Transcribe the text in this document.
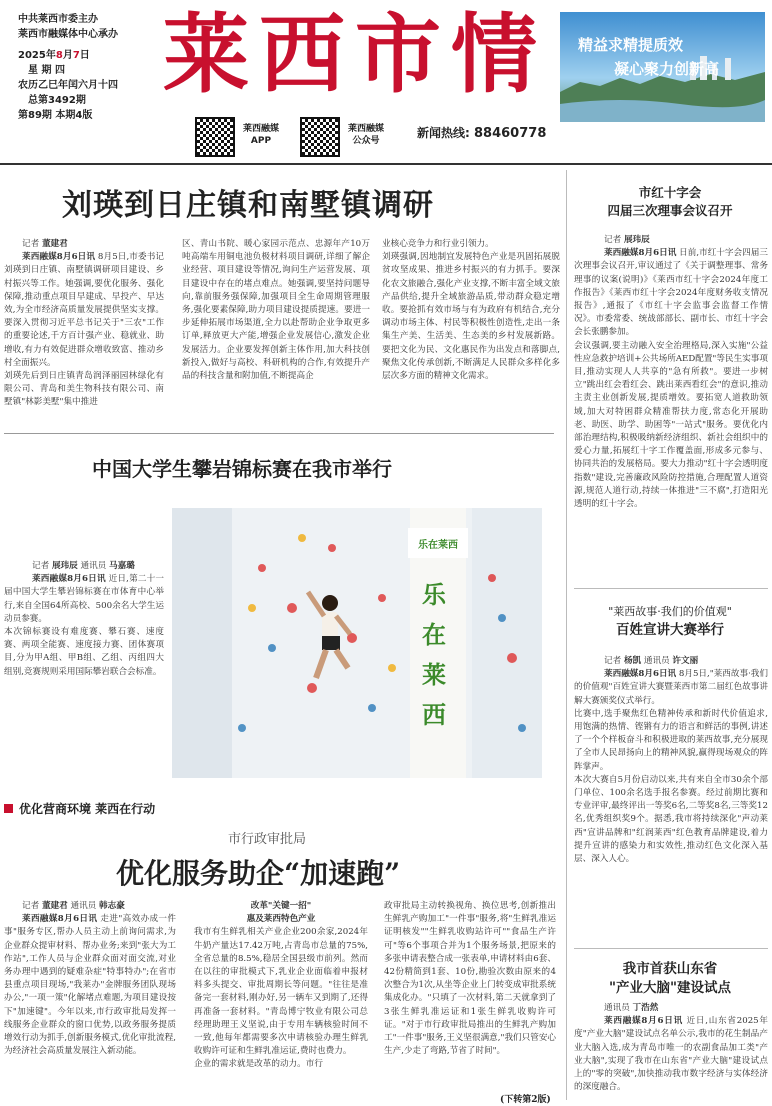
中共莱西市委主办
莱西市融媒体中心承办
2025年8月7日
星 期 四
农历乙巳年闰六月十四
总第3492期
第89期 本期4版
莱西市情
莱西融媒
APP
莱西融媒
公众号
新闻热线: 88460778
精益求精提质效
凝心聚力创新高
刘瑛到日庄镇和南墅镇调研
记者 董建君
莱西融媒8月6日讯 8月5日,市委书记刘瑛到日庄镇、南墅镇调研项目建设、乡村振兴等工作。她强调,要优化服务、强化保障,推动重点项目早建成、早投产、早达效,为全市经济高质量发展提供坚实支撑。要深入贯彻习近平总书记关于"三农"工作的重要论述,千方百计强产业、稳就业、助增收,有力有效促进群众增收致富、推动乡村全面振兴。
刘瑛先后到日庄镇青岛润泽丽园林绿化有限公司、青岛和美生物科技有限公司、南墅镇"林影美墅"集中推进
区、青山书院、暖心家园示范点、忠源年产10万吨高端车用铜电池负极材料项目调研,详细了解企业经营、项目建设等情况,询问生产运营发展、项目建设中存在的堵点难点。她强调,要坚持问题导向,靠前服务强保障,加强项目全生命周期管理服务,强化要素保障,助力项目建设提质提速。要进一步延伸拓展市场渠道,全力以赴帮助企业争取更多订单,释放更大产能,增强企业发展信心,激发企业发展活力。企业要发挥创新主体作用,加大科技创新投入,做好与高校、科研机构的合作,有效提升产品的科技含量和附加值,不断提高企
业核心竞争力和行业引领力。
刘瑛强调,因地制宜发展特色产业是巩固拓展脱贫攻坚成果、推进乡村振兴的有力抓手。要深化农文旅融合,强化产业支撑,不断丰富全域文旅产品供给,提升全域旅游品质,带动群众稳定增收。要抢抓有效市场与有为政府有机结合,充分调动市场主体、村民等积极性创造性,走出一条集生产美、生活美、生态美的乡村发展新路。要把文化为民、文化惠民作为出发点和落脚点,聚焦文化传承创新,不断满足人民群众多样化多层次多方面的精神文化需求。
中国大学生攀岩锦标赛在我市举行
乐在莱西
乐
在
莱
西
记者 展玮辰 通讯员 马嘉璐
莱西融媒8月6日讯 近日,第二十一届中国大学生攀岩锦标赛在市体育中心举行,来自全国64所高校、500余名大学生运动员参赛。
本次锦标赛设有难度赛、攀石赛、速度赛、两项全能赛、速度接力赛、团体赛项目,分为甲A组、甲B组、乙组、丙组四大组别,竞赛规则采用国际攀岩联合会标准。
优化营商环境 莱西在行动
市行政审批局
优化服务助企“加速跑”
记者 董建君 通讯员 韩志豪
莱西融媒8月6日讯 走进"高效办成一件事"服务专区,帮办人员主动上前询问需求,为企业群众提审材料、帮办业务;来到"张大为工作站",工作人员与企业群众面对面交流,对业务办理中遇到的疑难杂症"特事特办";在省市县重点项目现场,"我莱办"金牌服务团队现场办公,"一项一策"化解堵点难题,为项目建设按下"加速键"。今年以来,市行政审批局发挥一线服务企业群众的窗口优势,以政务服务提质增效行动为抓手,创新服务模式,优化审批流程,为经济社会高质量发展注入新动能。
改革"关键一招"
惠及莱西特色产业
我市有生鲜乳相关产业企业200余家,2024年牛奶产量达17.42万吨,占青岛市总量的75%,全省总量的8.5%,稳居全国县级市前列。然而在以往的审批模式下,乳业企业面临着申报材料多头提交、审批周期长等问题。"往往是准备完一套材料,刚办好,另一辆车又到期了,还得再准备一套材料。"青岛博宁牧业有限公司总经理助理王义坚说,由于专用车辆核验时间不一致,他每年都需要多次申请核验办理生鲜乳收购许可证和生鲜乳准运证,费时也费力。
企业的需求就是改革的动力。市行
政审批局主动转换视角、换位思考,创新推出生鲜乳产购加工"一件事"服务,将"生鲜乳准运证明核发""生鲜乳收购站许可""食品生产许可"等6个事项合并为1个服务场景,把原来的多张申请表整合成一张表单,申请材料由6套、42份精简到1套、10份,勘验次数由原来的4次整合为1次,从坐等企业上门转变成审批系统集成化办。"只填了一次材料,第二天就拿到了3张生鲜乳准运证和1张生鲜乳收购许可证。"对于市行政审批局推出的生鲜乳产购加工"一件事"服务,王义坚很满意,"我们只管安心生产,少走了弯路,节省了时间"。
(下转第2版)
市红十字会
四届三次理事会议召开
记者 展玮辰
莱西融媒8月6日讯 日前,市红十字会四届三次理事会议召开,审议通过了《关于调整理事、常务理事的议案(说明)》《莱西市红十字会2024年度工作报告》《莱西市红十字会2024年度财务收支情况报告》,通报了《市红十字会监事会监督工作情况》。市委常委、统战部部长、副市长、市红十字会会长张鹏参加。
会议强调,要主动融入安全治理格局,深入实施"公益性应急救护培训+公共场所AED配置"等民生实事项目,推动实现人人共享的"急有所救"。要进一步树立"跳出红会看红会、跳出莱西看红会"的意识,推动主责主业创新发展,提质增效。要拓宽人道救助领域,加大对特困群众精准帮扶力度,常态化开展助老、助医、助学、助困等"一站式"服务。要优化内部治理结构,积极吸纳新经济组织、新社会组织中的爱心力量,拓展红十字工作覆盖面,形成多元参与、协同共治的发展格局。要大力推动"红十字会透明度指数"建设,完善廉政风险防控措施,合理配置人道资源,规范人道行动,持续一体推进"三不腐",打造阳光透明的红十字会。
"莱西故事·我们的价值观"
百姓宣讲大赛举行
记者 杨凯 通讯员 许文丽
莱西融媒8月6日讯 8月5日,"莱西故事·我们的价值观"百姓宣讲大赛暨莱西市第二届红色故事讲解大赛颁奖仪式举行。
比赛中,选手聚焦红色精神传承和新时代价值追求,用饱满的热情、铿锵有力的语言和鲜活的事例,讲述了一个个样板奋斗和积极进取的莱西故事,充分展现了全市人民昂扬向上的精神风貌,赢得现场观众的阵阵掌声。
本次大赛自5月份启动以来,共有来自全市30余个部门单位、100余名选手报名参赛。经过前期比赛和专业评审,最终评出一等奖6名,二等奖8名,三等奖12名,优秀组织奖9个。据悉,我市将持续深化"声动莱西"宣讲品牌和"红润莱西"红色教育品牌建设,着力提升宣讲的感染力和实效性,推动红色文化深入基层、深入人心。
我市首获山东省
"产业大脑"建设试点
通讯员 丁浩然
莱西融媒8月6日讯 近日,山东省2025年度"产业大脑"建设试点名单公示,我市的花生制品产业大脑入选,成为青岛市唯一的农副食品加工类"产业大脑",实现了我市在山东省"产业大脑"建设试点上的"零的突破",加快推动我市数字经济与实体经济的深度融合。
